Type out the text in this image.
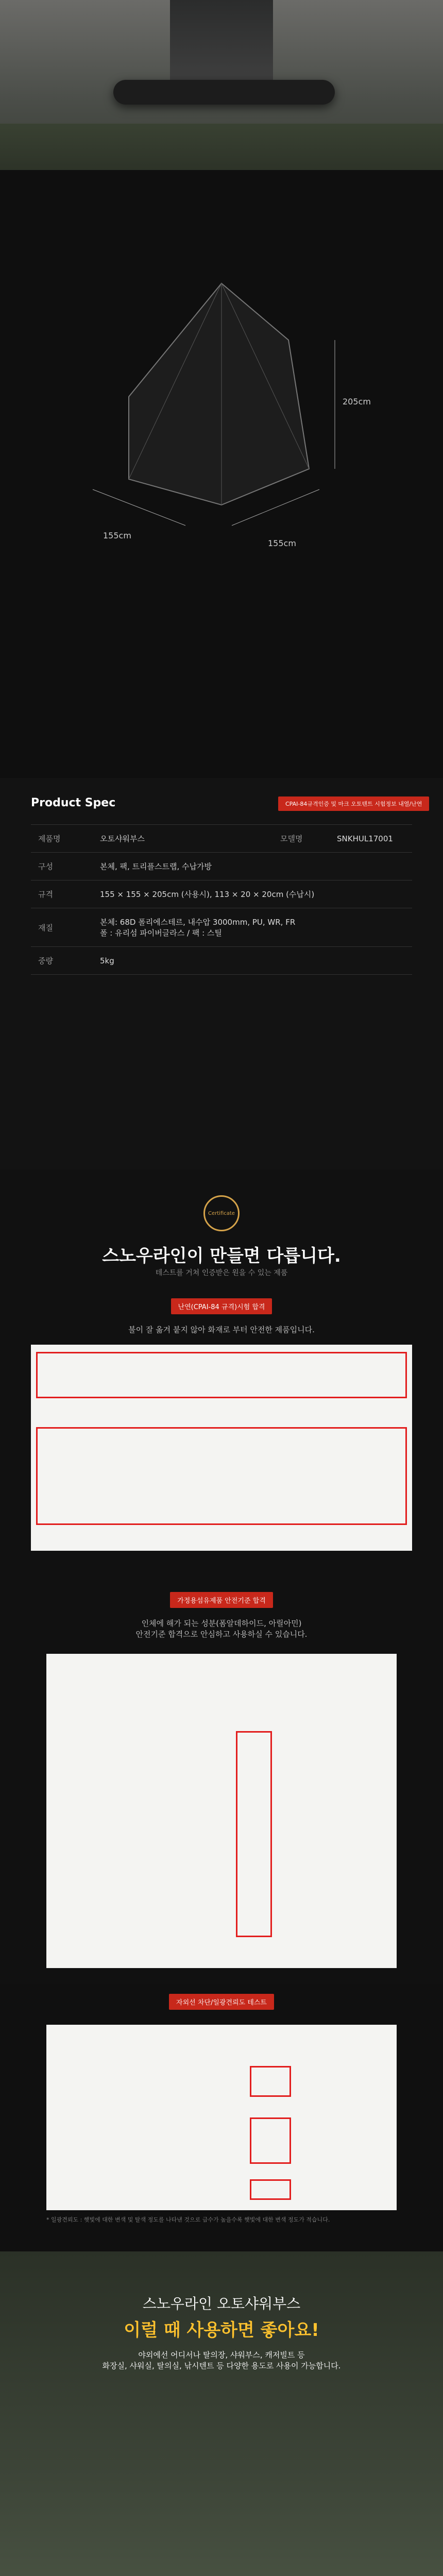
205cm
155cm
155cm
Product Spec	CPAI-84규격인증 및 마크 오토텐트 시험정보 내열/난연
제품명	오토샤워부스	모델명	SNKHUL17001
구성	본체, 팩, 트리플스트랩, 수납가방		
규격	155 × 155 × 205cm (사용시), 113 × 20 × 20cm (수납시)		
재질	본체: 68D 폴리에스테르, 내수압 3000mm, PU, WR, FR
폴 : 유리섬 파이버글라스 / 팩 : 스틸		
중량	5kg		
Certificate
스노우라인이 만들면 다릅니다.
테스트를 거쳐 인증받은 원을 수 있는 제품
난연(CPAI-84 규격)시험 합격
불이 잘 옮겨 붙지 않아 화재로 부터 안전한 제품입니다.
가정용섬유제품 안전기준 합격
인체에 해가 되는 성분(폼알데하이드, 아릴아민)
안전기준 합격으로 안심하고 사용하실 수 있습니다.
자외선 차단/일광견뢰도 테스트
* 일광견뢰도 : 햇빛에 대한 변색 및 탈색 정도를 나타낸 것으로 급수가 높을수록 햇빛에 대한 변색 정도가 적습니다.
스노우라인 오토샤워부스
이럴 때 사용하면 좋아요!
야외에선 어디서나 탈의장, 샤워부스, 캐저빌트 등
화장실, 샤워실, 탈의실, 낚시텐트 등 다양한 용도로 사용이 가능합니다.
